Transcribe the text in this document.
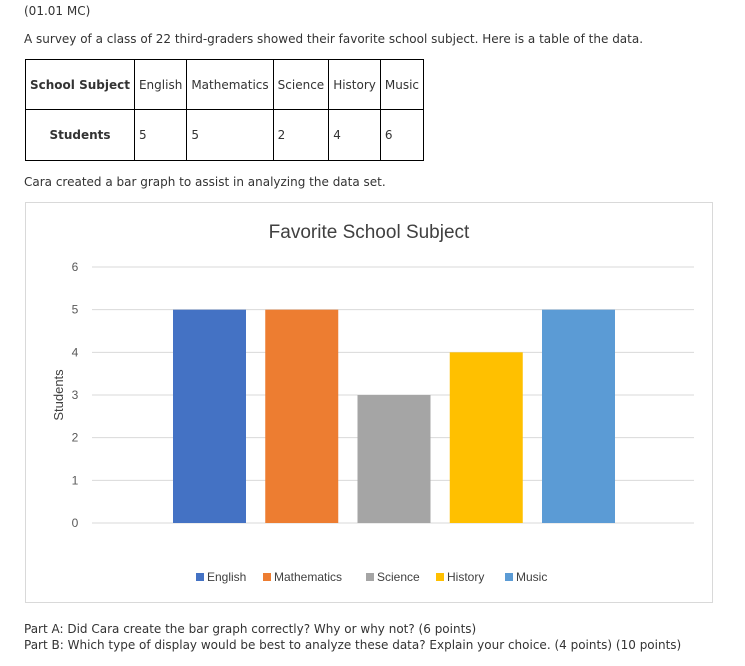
(01.01 MC)
A survey of a class of 22 third-graders showed their favorite school subject. Here is a table of the data.
School Subject	English	Mathematics	Science	History	Music
Students	5	5	2	4	6
Cara created a bar graph to assist in analyzing the data set.
0
1
2
3
4
5
6
Favorite School Subject
Students
English	Mathematics	Science	History	Music
Part A: Did Cara create the bar graph correctly? Why or why not? (6 points)
Part B: Which type of display would be best to analyze these data? Explain your choice. (4 points) (10 points)
